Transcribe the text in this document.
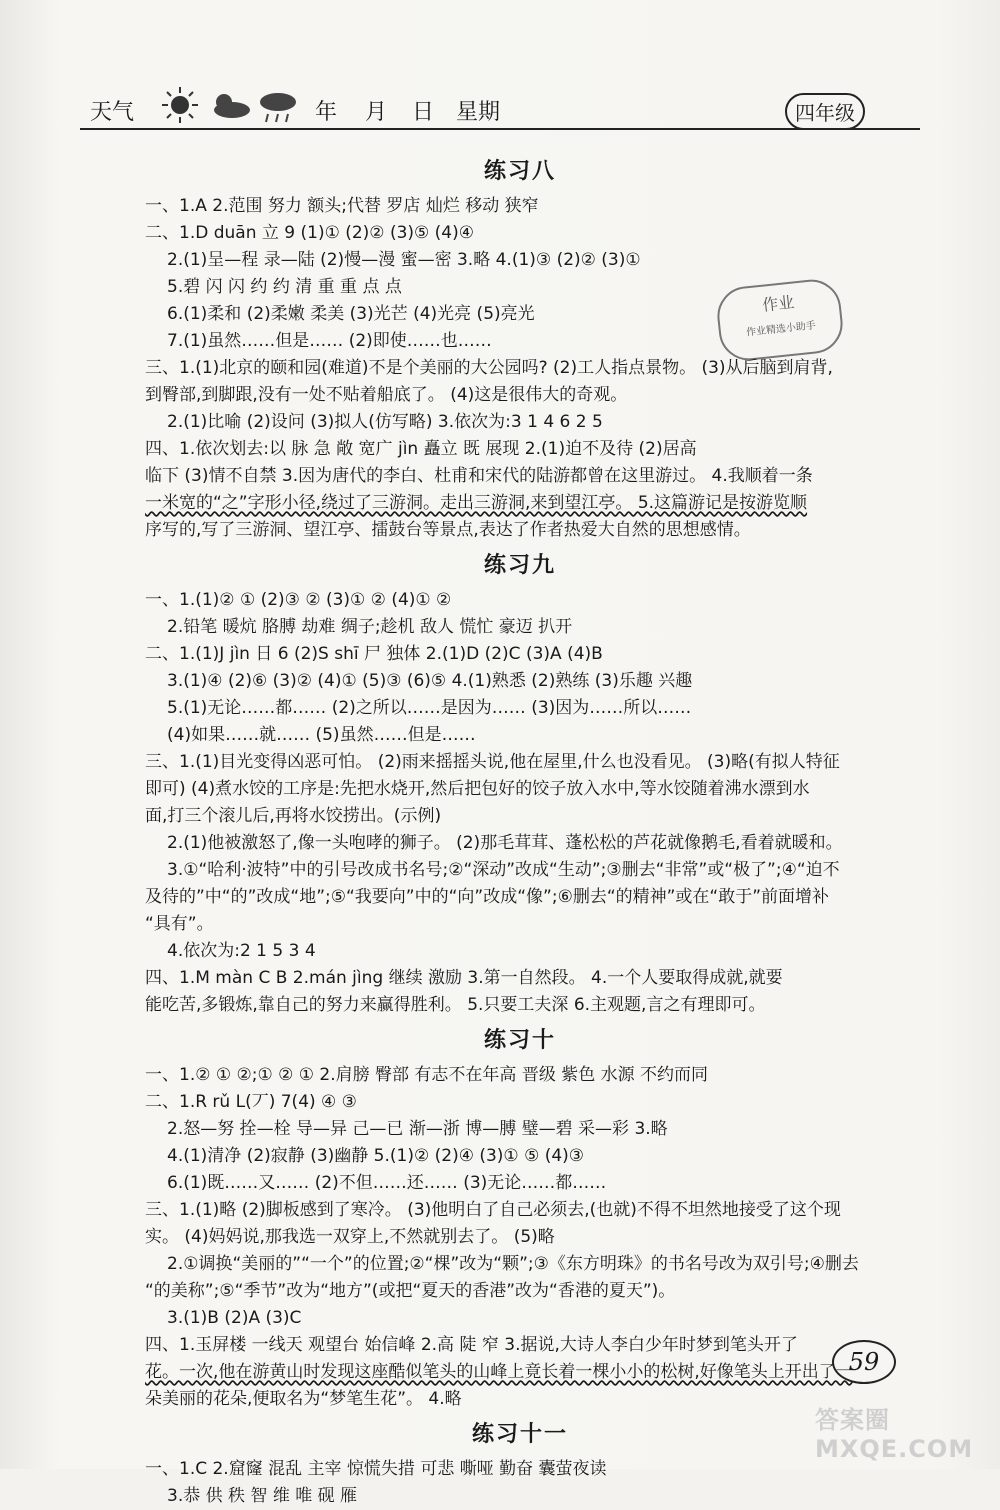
天气	年 月 日 星期	四年级
作业
作业精选小助手
练习八
一、1.A 2.范围 努力 额头;代替 罗店 灿烂 移动 狭窄
二、1.D duān 立 9 (1)① (2)② (3)⑤ (4)④
2.(1)呈—程 录—陆 (2)慢—漫 蜜—密 3.略 4.(1)③ (2)② (3)①
5.碧 闪 闪 约 约 清 重 重 点 点
6.(1)柔和 (2)柔嫩 柔美 (3)光芒 (4)光亮 (5)亮光
7.(1)虽然……但是…… (2)即使……也……
三、1.(1)北京的颐和园(难道)不是个美丽的大公园吗? (2)工人指点景物。 (3)从后脑到肩背,
到臀部,到脚跟,没有一处不贴着船底了。 (4)这是很伟大的奇观。
2.(1)比喻 (2)设问 (3)拟人(仿写略) 3.依次为:3 1 4 6 2 5
四、1.依次划去:以 脉 急 敞 宽广 jìn 矗立 既 展现 2.(1)迫不及待 (2)居高
临下 (3)情不自禁 3.因为唐代的李白、杜甫和宋代的陆游都曾在这里游过。 4.我顺着一条
一米宽的“之”字形小径,绕过了三游洞。走出三游洞,来到望江亭。 5.这篇游记是按游览顺
序写的,写了三游洞、望江亭、擂鼓台等景点,表达了作者热爱大自然的思想感情。
练习九
一、1.(1)② ① (2)③ ② (3)① ② (4)① ②
2.铅笔 暖炕 胳膊 劫难 绸子;趁机 敌人 慌忙 豪迈 扒开
二、1.(1)J jìn 日 6 (2)S shī 尸 独体 2.(1)D (2)C (3)A (4)B
3.(1)④ (2)⑥ (3)② (4)① (5)③ (6)⑤ 4.(1)熟悉 (2)熟练 (3)乐趣 兴趣
5.(1)无论……都…… (2)之所以……是因为…… (3)因为……所以……
(4)如果……就…… (5)虽然……但是……
三、1.(1)目光变得凶恶可怕。 (2)雨来摇摇头说,他在屋里,什么也没看见。 (3)略(有拟人特征
即可) (4)煮水饺的工序是:先把水烧开,然后把包好的饺子放入水中,等水饺随着沸水漂到水
面,打三个滚儿后,再将水饺捞出。(示例)
2.(1)他被激怒了,像一头咆哮的狮子。 (2)那毛茸茸、蓬松松的芦花就像鹅毛,看着就暖和。
3.①“哈利·波特”中的引号改成书名号;②“深动”改成“生动”;③删去“非常”或“极了”;④“迫不
及待的”中“的”改成“地”;⑤“我要向”中的“向”改成“像”;⑥删去“的精神”或在“敢于”前面增补
“具有”。
4.依次为:2 1 5 3 4
四、1.M màn C B 2.mán jìng 继续 激励 3.第一自然段。 4.一个人要取得成就,就要
能吃苦,多锻炼,靠自己的努力来赢得胜利。 5.只要工夫深 6.主观题,言之有理即可。
练习十
一、1.② ① ②;① ② ① 2.肩膀 臀部 有志不在年高 晋级 紫色 水源 不约而同
二、1.R rǔ L(丆) 7(4) ④ ③
2.怒—努 拴—栓 导—异 己—已 渐—浙 博—膊 璧—碧 采—彩 3.略
4.(1)清净 (2)寂静 (3)幽静 5.(1)② (2)④ (3)① ⑤ (4)③
6.(1)既……又…… (2)不但……还…… (3)无论……都……
三、1.(1)略 (2)脚板感到了寒冷。 (3)他明白了自己必须去,(也就)不得不坦然地接受了这个现
实。 (4)妈妈说,那我选一双穿上,不然就别去了。 (5)略
2.①调换“美丽的”“一个”的位置;②“棵”改为“颗”;③《东方明珠》的书名号改为双引号;④删去
“的美称”;⑤“季节”改为“地方”(或把“夏天的香港”改为“香港的夏天”)。
3.(1)B (2)A (3)C
四、1.玉屏楼 一线天 观望台 始信峰 2.高 陡 窄 3.据说,大诗人李白少年时梦到笔头开了
花。一次,他在游黄山时发现这座酷似笔头的山峰上竟长着一棵小小的松树,好像笔头上开出了一
朵美丽的花朵,便取名为“梦笔生花”。 4.略
练习十一
一、1.C 2.窟窿 混乱 主宰 惊慌失措 可悲 嘶哑 勤奋 囊萤夜读
3.恭 供 秩 智 维 唯 砚 雁
59
答案圈 MXQE.COM
